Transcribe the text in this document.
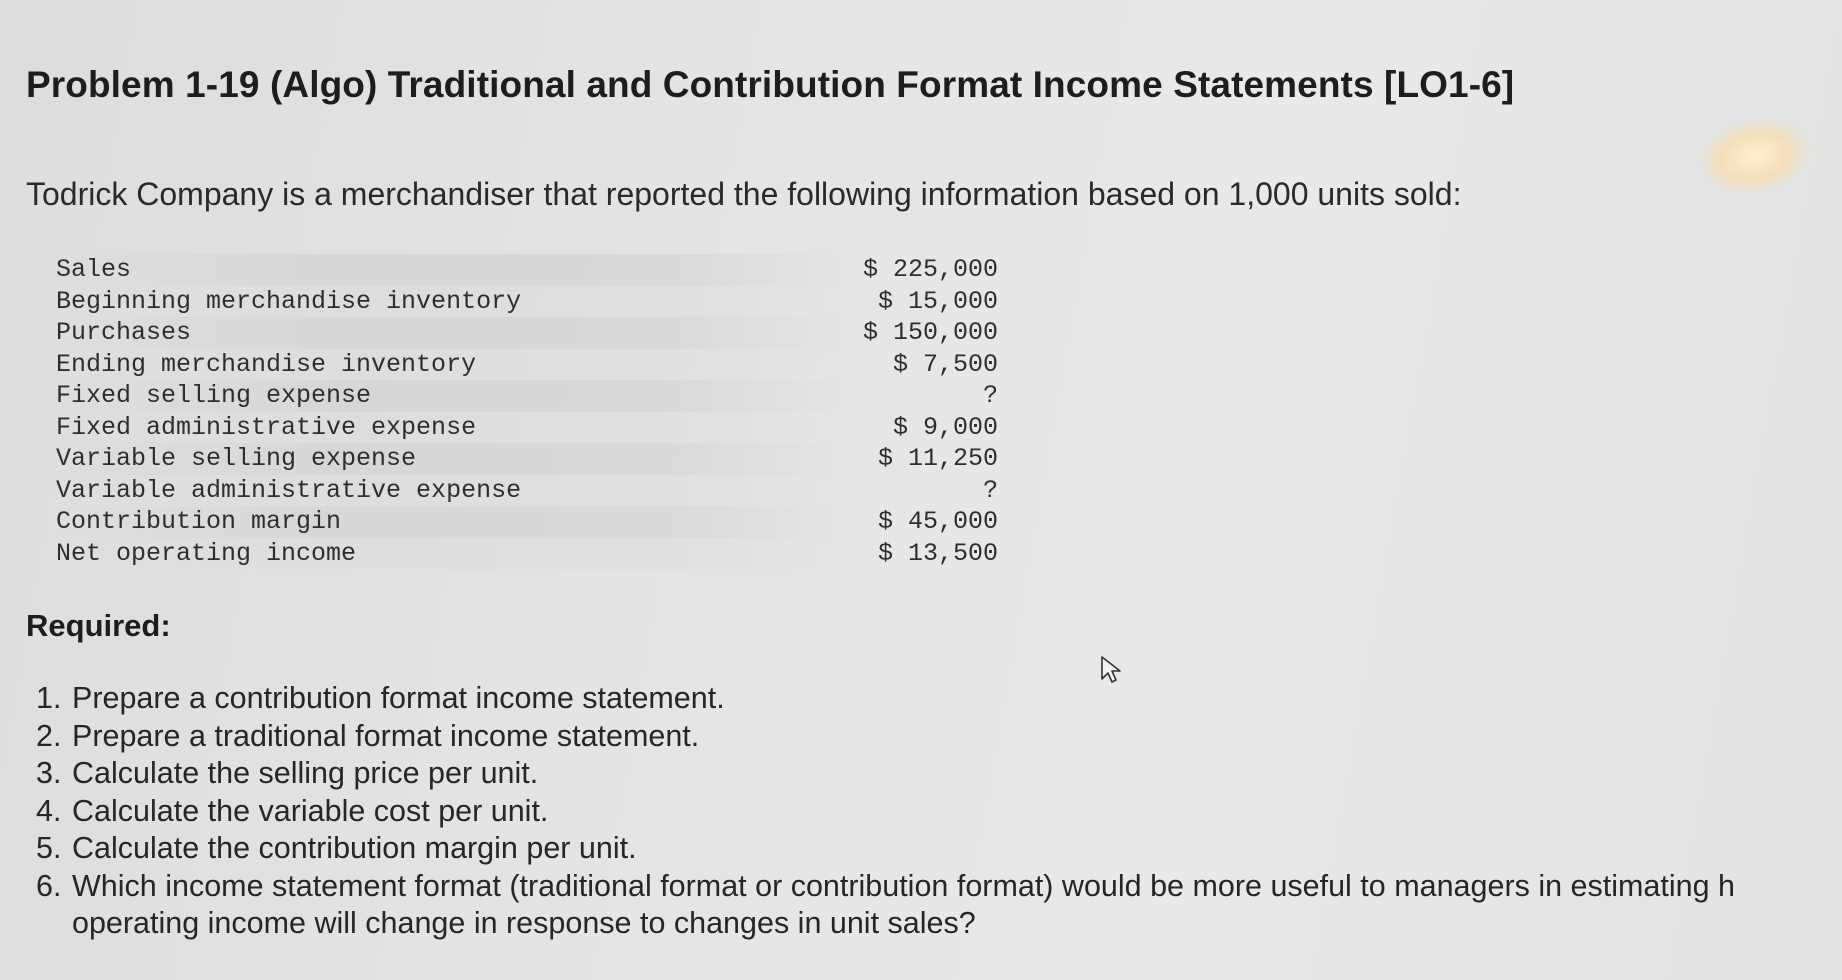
Problem 1-19 (Algo) Traditional and Contribution Format Income Statements [LO1-6]
Todrick Company is a merchandiser that reported the following information based on 1,000 units sold:
Sales	$ 225,000
Beginning merchandise inventory	$ 15,000
Purchases	$ 150,000
Ending merchandise inventory	$ 7,500
Fixed selling expense	?
Fixed administrative expense	$ 9,000
Variable selling expense	$ 11,250
Variable administrative expense	?
Contribution margin	$ 45,000
Net operating income	$ 13,500
Required:
1. Prepare a contribution format income statement.
2. Prepare a traditional format income statement.
3. Calculate the selling price per unit.
4. Calculate the variable cost per unit.
5. Calculate the contribution margin per unit.
6. Which income statement format (traditional format or contribution format) would be more useful to managers in estimating h
operating income will change in response to changes in unit sales?
